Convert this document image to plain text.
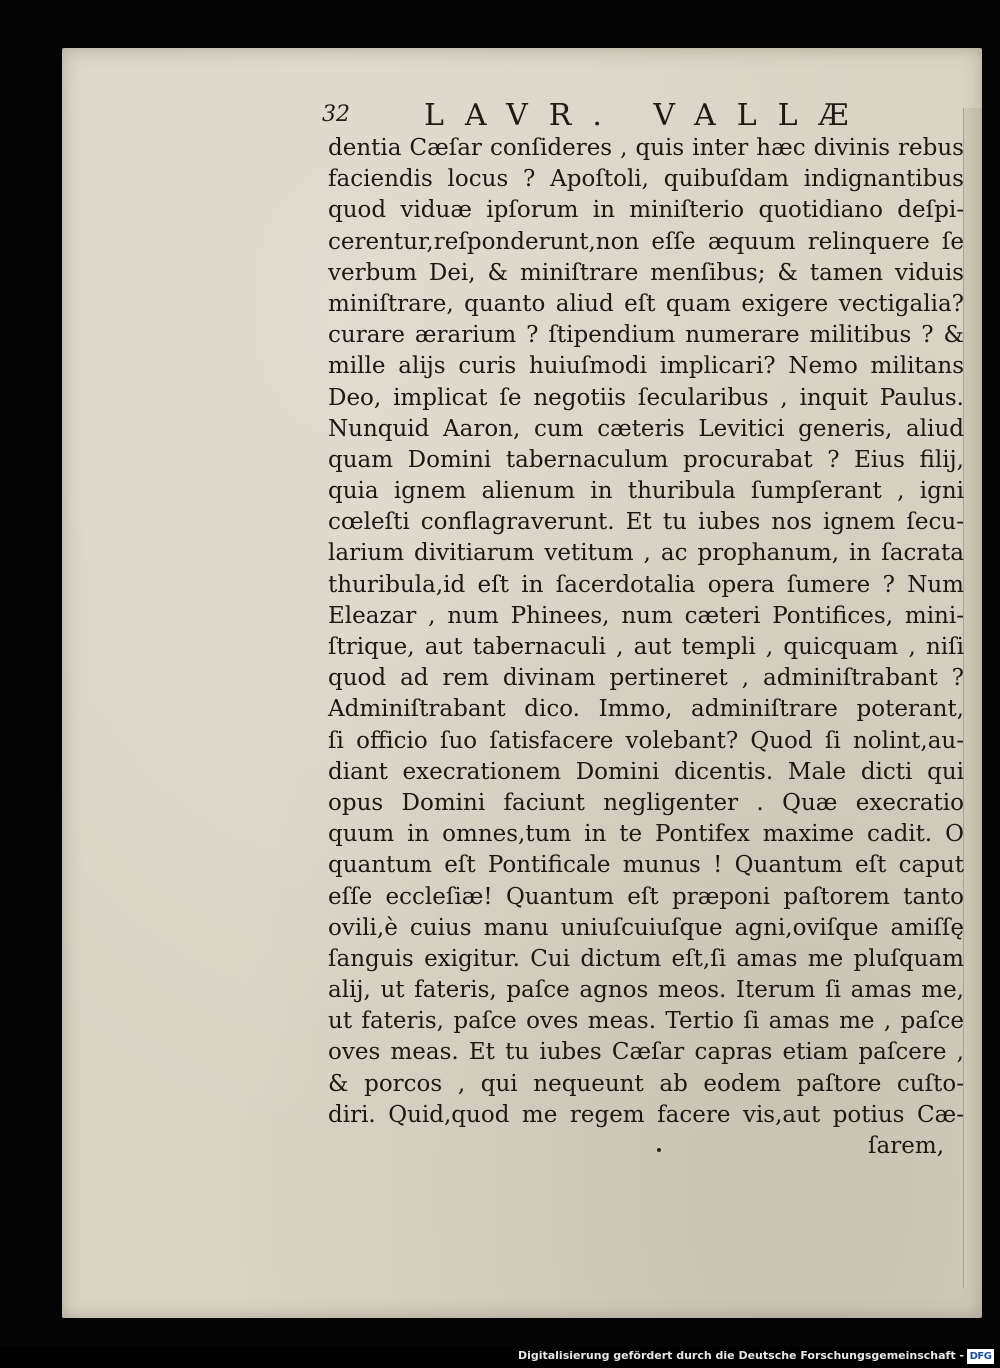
32 LAVR. VALLÆ
dentia Cæſar conſideres , quis inter hæc divinis rebus
faciendis locus ? Apoſtoli, quibuſdam indignantibus
quod viduæ ipſorum in miniſterio quotidiano deſpi-
cerentur,reſponderunt,non eſſe æquum relinquere ſe
verbum Dei, & miniſtrare menſibus; & tamen viduis
miniſtrare, quanto aliud eſt quam exigere vectigalia?
curare ærarium ? ſtipendium numerare militibus ? &
mille alijs curis huiuſmodi implicari? Nemo militans
Deo, implicat ſe negotiis ſecularibus , inquit Paulus.
Nunquid Aaron, cum cæteris Levitici generis, aliud
quam Domini tabernaculum procurabat ? Eius filij,
quia ignem alienum in thuribula ſumpſerant , igni
cœleſti conflagraverunt. Et tu iubes nos ignem ſecu-
larium divitiarum vetitum , ac prophanum, in ſacrata
thuribula,id eſt in ſacerdotalia opera ſumere ? Num
Eleazar , num Phinees, num cæteri Pontifices, mini-
ſtrique, aut tabernaculi , aut templi , quicquam , niſi
quod ad rem divinam pertineret , adminiſtrabant ?
Adminiſtrabant dico. Immo, adminiſtrare poterant,
ſi officio ſuo ſatisfacere volebant? Quod ſi nolint,au-
diant execrationem Domini dicentis. Male dicti qui
opus Domini faciunt negligenter . Quæ execratio
quum in omnes,tum in te Pontifex maxime cadit. O
quantum eſt Pontificale munus ! Quantum eſt caput
eſſe eccleſiæ! Quantum eſt præponi paſtorem tanto
ovili,è cuius manu uniuſcuiuſque agni,oviſque amiſſę
ſanguis exigitur. Cui dictum eſt,ſi amas me pluſquam
alij, ut fateris, paſce agnos meos. Iterum ſi amas me,
ut fateris, paſce oves meas. Tertio ſi amas me , paſce
oves meas. Et tu iubes Cæſar capras etiam paſcere ,
& porcos , qui nequeunt ab eodem paſtore cuſto-
diri. Quid,quod me regem facere vis,aut potius Cæ-
ſarem,
Digitalisierung gefördert durch die Deutsche Forschungsgemeinschaft - DFG
